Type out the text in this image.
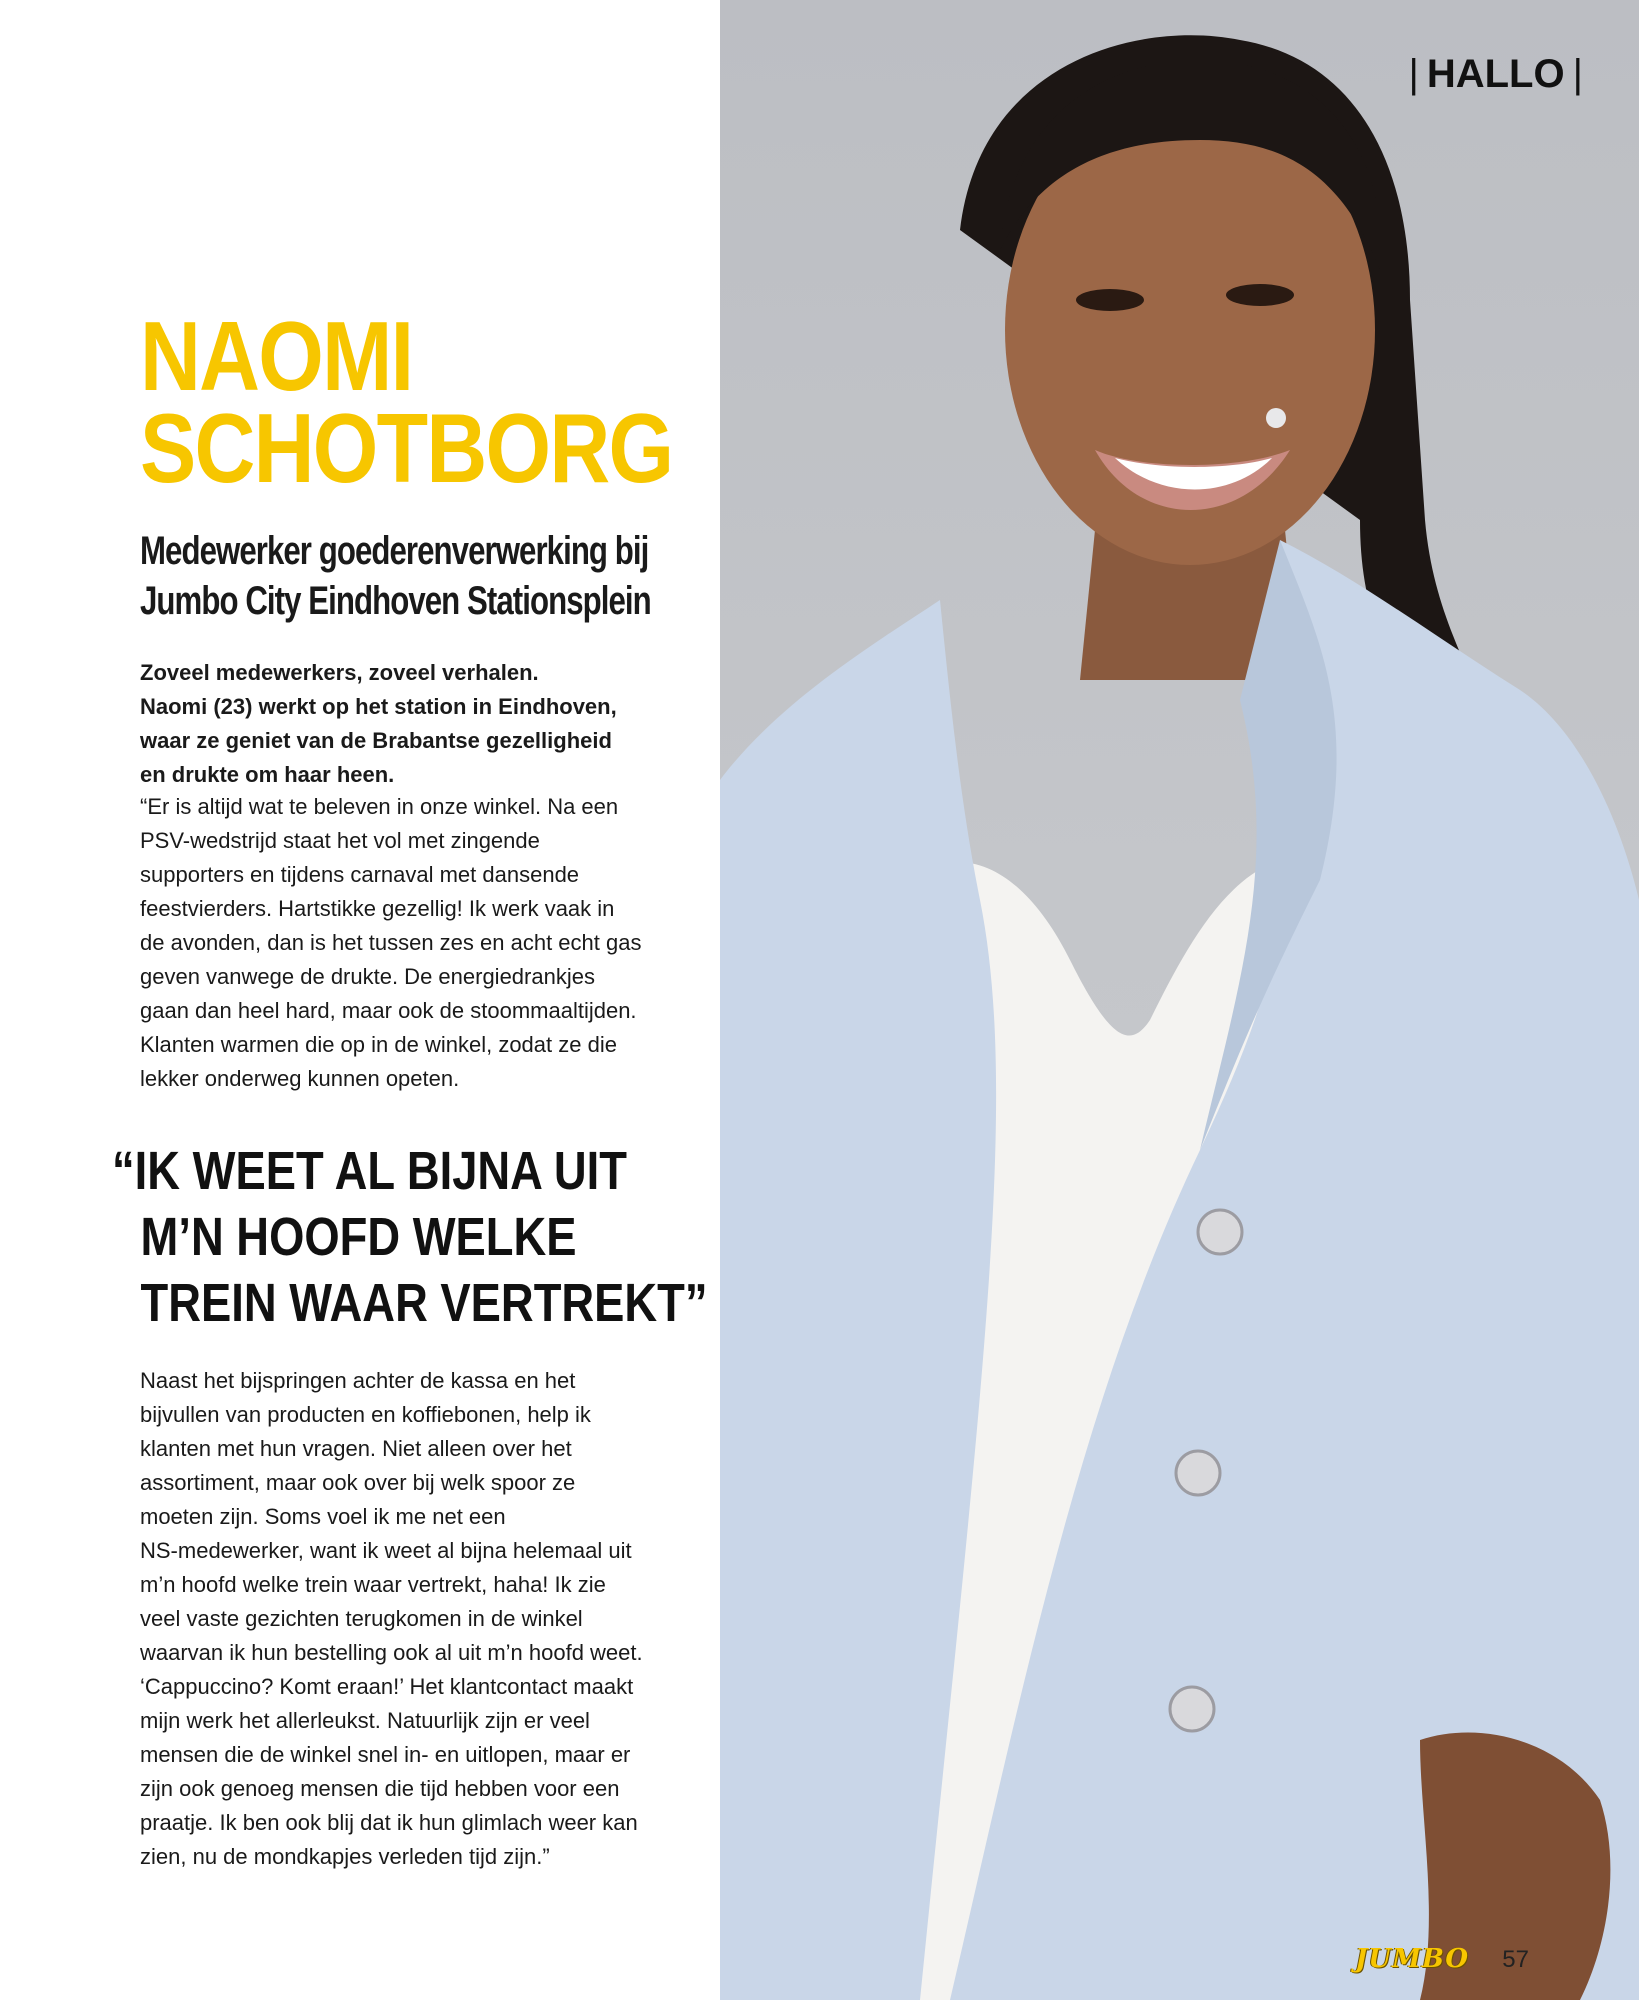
| HALLO |
JUMBO 57
NAOMI
SCHOTBORG
Medewerker goederenverwerking bij
Jumbo City Eindhoven Stationsplein
Zoveel medewerkers, zoveel verhalen.
Naomi (23) werkt op het station in Eindhoven,
waar ze geniet van de Brabantse gezelligheid
en drukte om haar heen.
“Er is altijd wat te beleven in onze winkel. Na een
PSV-wedstrijd staat het vol met zingende
supporters en tijdens carnaval met dansende
feestvierders. Hartstikke gezellig! Ik werk vaak in
de avonden, dan is het tussen zes en acht echt gas
geven vanwege de drukte. De energiedrankjes
gaan dan heel hard, maar ook de stoommaaltijden.
Klanten warmen die op in de winkel, zodat ze die
lekker onderweg kunnen opeten.
“IK WEET AL BIJNA UIT
M’N HOOFD WELKE
TREIN WAAR VERTREKT”
Naast het bijspringen achter de kassa en het
bijvullen van producten en koffiebonen, help ik
klanten met hun vragen. Niet alleen over het
assortiment, maar ook over bij welk spoor ze
moeten zijn. Soms voel ik me net een
NS-medewerker, want ik weet al bijna helemaal uit
m’n hoofd welke trein waar vertrekt, haha! Ik zie
veel vaste gezichten terugkomen in de winkel
waarvan ik hun bestelling ook al uit m’n hoofd weet.
‘Cappuccino? Komt eraan!’ Het klantcontact maakt
mijn werk het allerleukst. Natuurlijk zijn er veel
mensen die de winkel snel in- en uitlopen, maar er
zijn ook genoeg mensen die tijd hebben voor een
praatje. Ik ben ook blij dat ik hun glimlach weer kan
zien, nu de mondkapjes verleden tijd zijn.”
